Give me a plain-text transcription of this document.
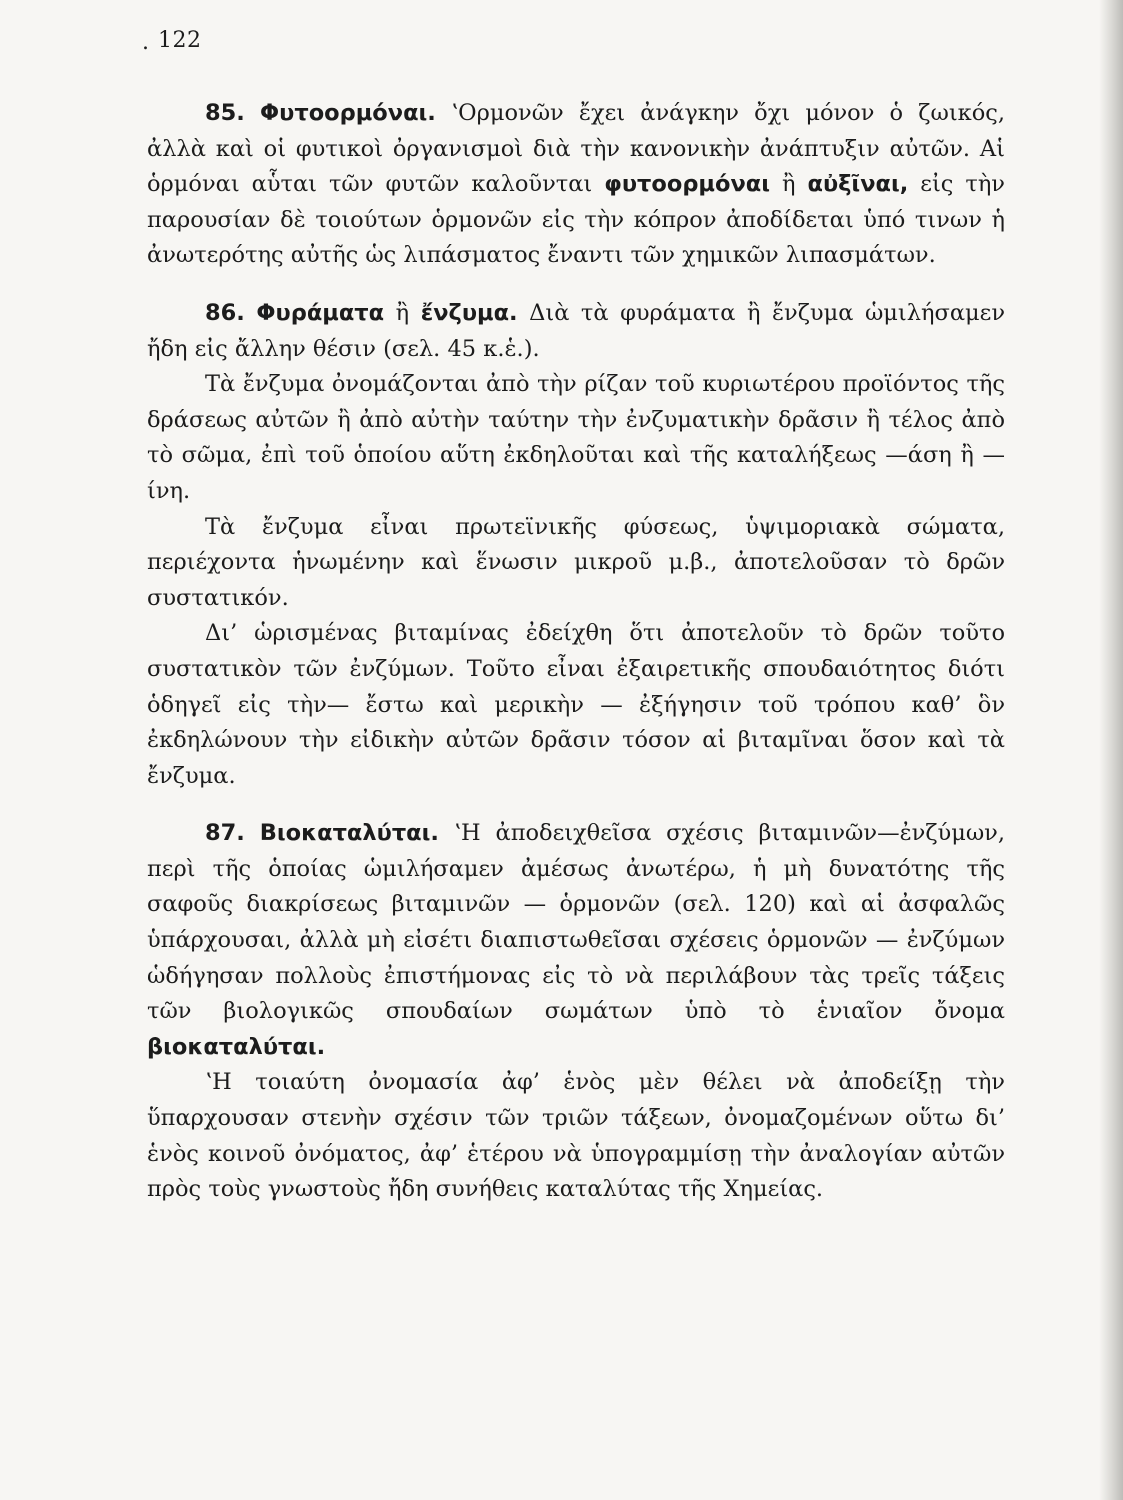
. 122

85. Φυτοορμόναι. ʽΟρμονῶν ἔχει ἀνάγκην ὄχι μόνον ὁ ζωικός, ἀλλὰ καὶ οἱ φυτικοὶ ὀργανισμοὶ διὰ τὴν κανονικὴν ἀνάπτυξιν αὐτῶν. Αἱ ὁρμόναι αὗται τῶν φυτῶν καλοῦνται φυτοορμόναι ἢ αὐξῖναι, εἰς τὴν παρουσίαν δὲ τοιούτων ὁρμονῶν εἰς τὴν κόπρον ἀποδίδεται ὑπό τινων ἡ ἀνωτερότης αὐτῆς ὡς λιπάσματος ἔναντι τῶν χημικῶν λιπασμάτων.

86. Φυράματα ἢ ἔνζυμα. Διὰ τὰ φυράματα ἢ ἔνζυμα ὡμιλήσαμεν ἤδη εἰς ἄλλην θέσιν (σελ. 45 κ.ἑ.).

Τὰ ἔνζυμα ὀνομάζονται ἀπὸ τὴν ρίζαν τοῦ κυριωτέρου προϊόντος τῆς δράσεως αὐτῶν ἢ ἀπὸ αὐτὴν ταύτην τὴν ἐνζυματικὴν δρᾶσιν ἢ τέλος ἀπὸ τὸ σῶμα, ἐπὶ τοῦ ὁποίου αὕτη ἐκδηλοῦται καὶ τῆς καταλήξεως —άση ἢ —ίνη.

Τὰ ἔνζυμα εἶναι πρωτεϊνικῆς φύσεως, ὑψιμοριακὰ σώματα, περιέχοντα ἡνωμένην καὶ ἕνωσιν μικροῦ μ.β., ἀποτελοῦσαν τὸ δρῶν συστατικόν.

Δι’ ὡρισμένας βιταμίνας ἐδείχθη ὅτι ἀποτελοῦν τὸ δρῶν τοῦτο συστατικὸν τῶν ἐνζύμων. Τοῦτο εἶναι ἐξαιρετικῆς σπουδαιότητος διότι ὁδηγεῖ εἰς τὴν— ἔστω καὶ μερικὴν — ἐξήγησιν τοῦ τρόπου καθ’ ὃν ἐκδηλώνουν τὴν εἰδικὴν αὐτῶν δρᾶσιν τόσον αἱ βιταμῖναι ὅσον καὶ τὰ ἔνζυμα.

87. Βιοκαταλύται. ʽΗ ἀποδειχθεῖσα σχέσις βιταμινῶν—ἐνζύμων, περὶ τῆς ὁποίας ὡμιλήσαμεν ἀμέσως ἀνωτέρω, ἡ μὴ δυνατότης τῆς σαφοῦς διακρίσεως βιταμινῶν — ὁρμονῶν (σελ. 120) καὶ αἱ ἀσφαλῶς ὑπάρχουσαι, ἀλλὰ μὴ εἰσέτι διαπιστωθεῖσαι σχέσεις ὁρμονῶν — ἐνζύμων ὡδήγησαν πολλοὺς ἐπιστήμονας εἰς τὸ νὰ περιλάβουν τὰς τρεῖς τάξεις τῶν βιολογικῶς σπουδαίων σωμάτων ὑπὸ τὸ ἑνιαῖον ὄνομα βιοκαταλύται.

ʽΗ τοιαύτη ὀνομασία ἀφ’ ἑνὸς μὲν θέλει νὰ ἀποδείξῃ τὴν ὕπαρχουσαν στενὴν σχέσιν τῶν τριῶν τάξεων, ὀνομαζομένων οὕτω δι’ ἑνὸς κοινοῦ ὀνόματος, ἀφ’ ἑτέρου νὰ ὑπογραμμίσῃ τὴν ἀναλογίαν αὐτῶν πρὸς τοὺς γνωστοὺς ἤδη συνήθεις καταλύτας τῆς Χημείας.
